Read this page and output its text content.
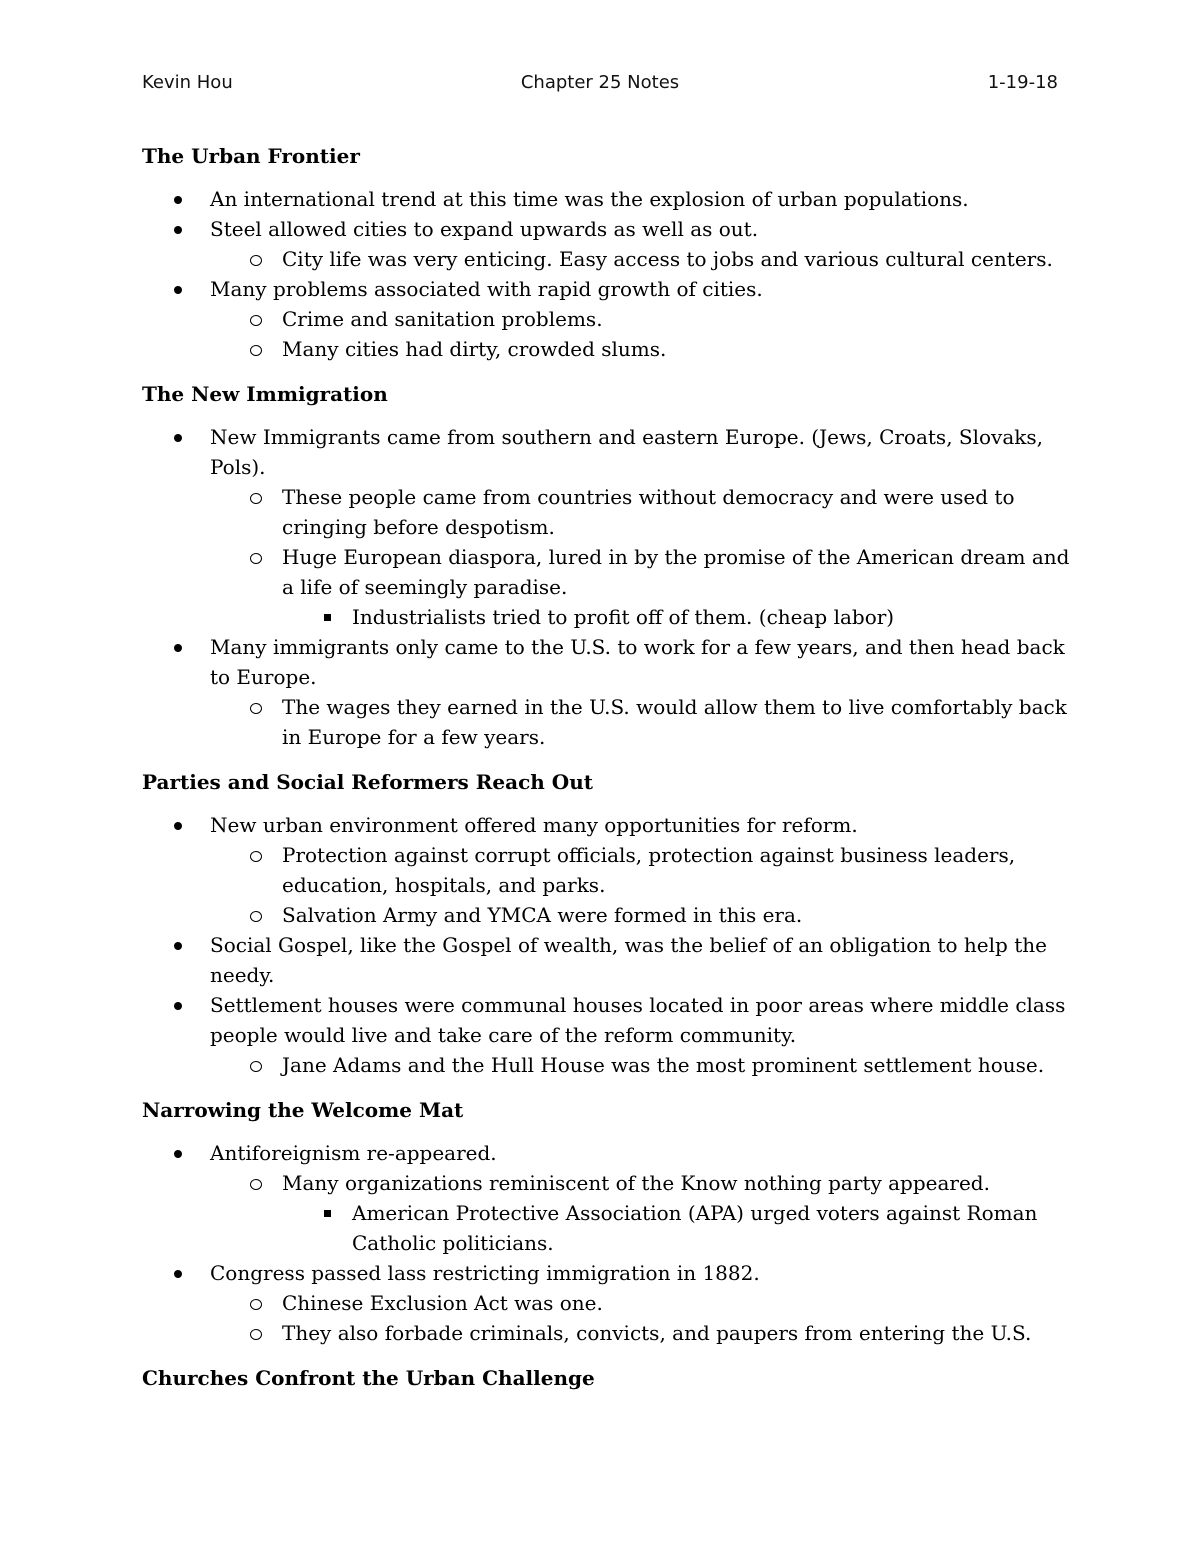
Kevin Hou	Chapter 25 Notes	1-19-18
The Urban Frontier
An international trend at this time was the explosion of urban populations.
Steel allowed cities to expand upwards as well as out.
City life was very enticing. Easy access to jobs and various cultural centers.
Many problems associated with rapid growth of cities.
Crime and sanitation problems.
Many cities had dirty, crowded slums.
The New Immigration
New Immigrants came from southern and eastern Europe. (Jews, Croats, Slovaks, Pols).
These people came from countries without democracy and were used to cringing before despotism.
Huge European diaspora, lured in by the promise of the American dream and a life of seemingly paradise.
Industrialists tried to profit off of them. (cheap labor)
Many immigrants only came to the U.S. to work for a few years, and then head back to Europe.
The wages they earned in the U.S. would allow them to live comfortably back in Europe for a few years.
Parties and Social Reformers Reach Out
New urban environment offered many opportunities for reform.
Protection against corrupt officials, protection against business leaders, education, hospitals, and parks.
Salvation Army and YMCA were formed in this era.
Social Gospel, like the Gospel of wealth, was the belief of an obligation to help the needy.
Settlement houses were communal houses located in poor areas where middle class people would live and take care of the reform community.
Jane Adams and the Hull House was the most prominent settlement house.
Narrowing the Welcome Mat
Antiforeignism re-appeared.
Many organizations reminiscent of the Know nothing party appeared.
American Protective Association (APA) urged voters against Roman Catholic politicians.
Congress passed lass restricting immigration in 1882.
Chinese Exclusion Act was one.
They also forbade criminals, convicts, and paupers from entering the U.S.
Churches Confront the Urban Challenge
